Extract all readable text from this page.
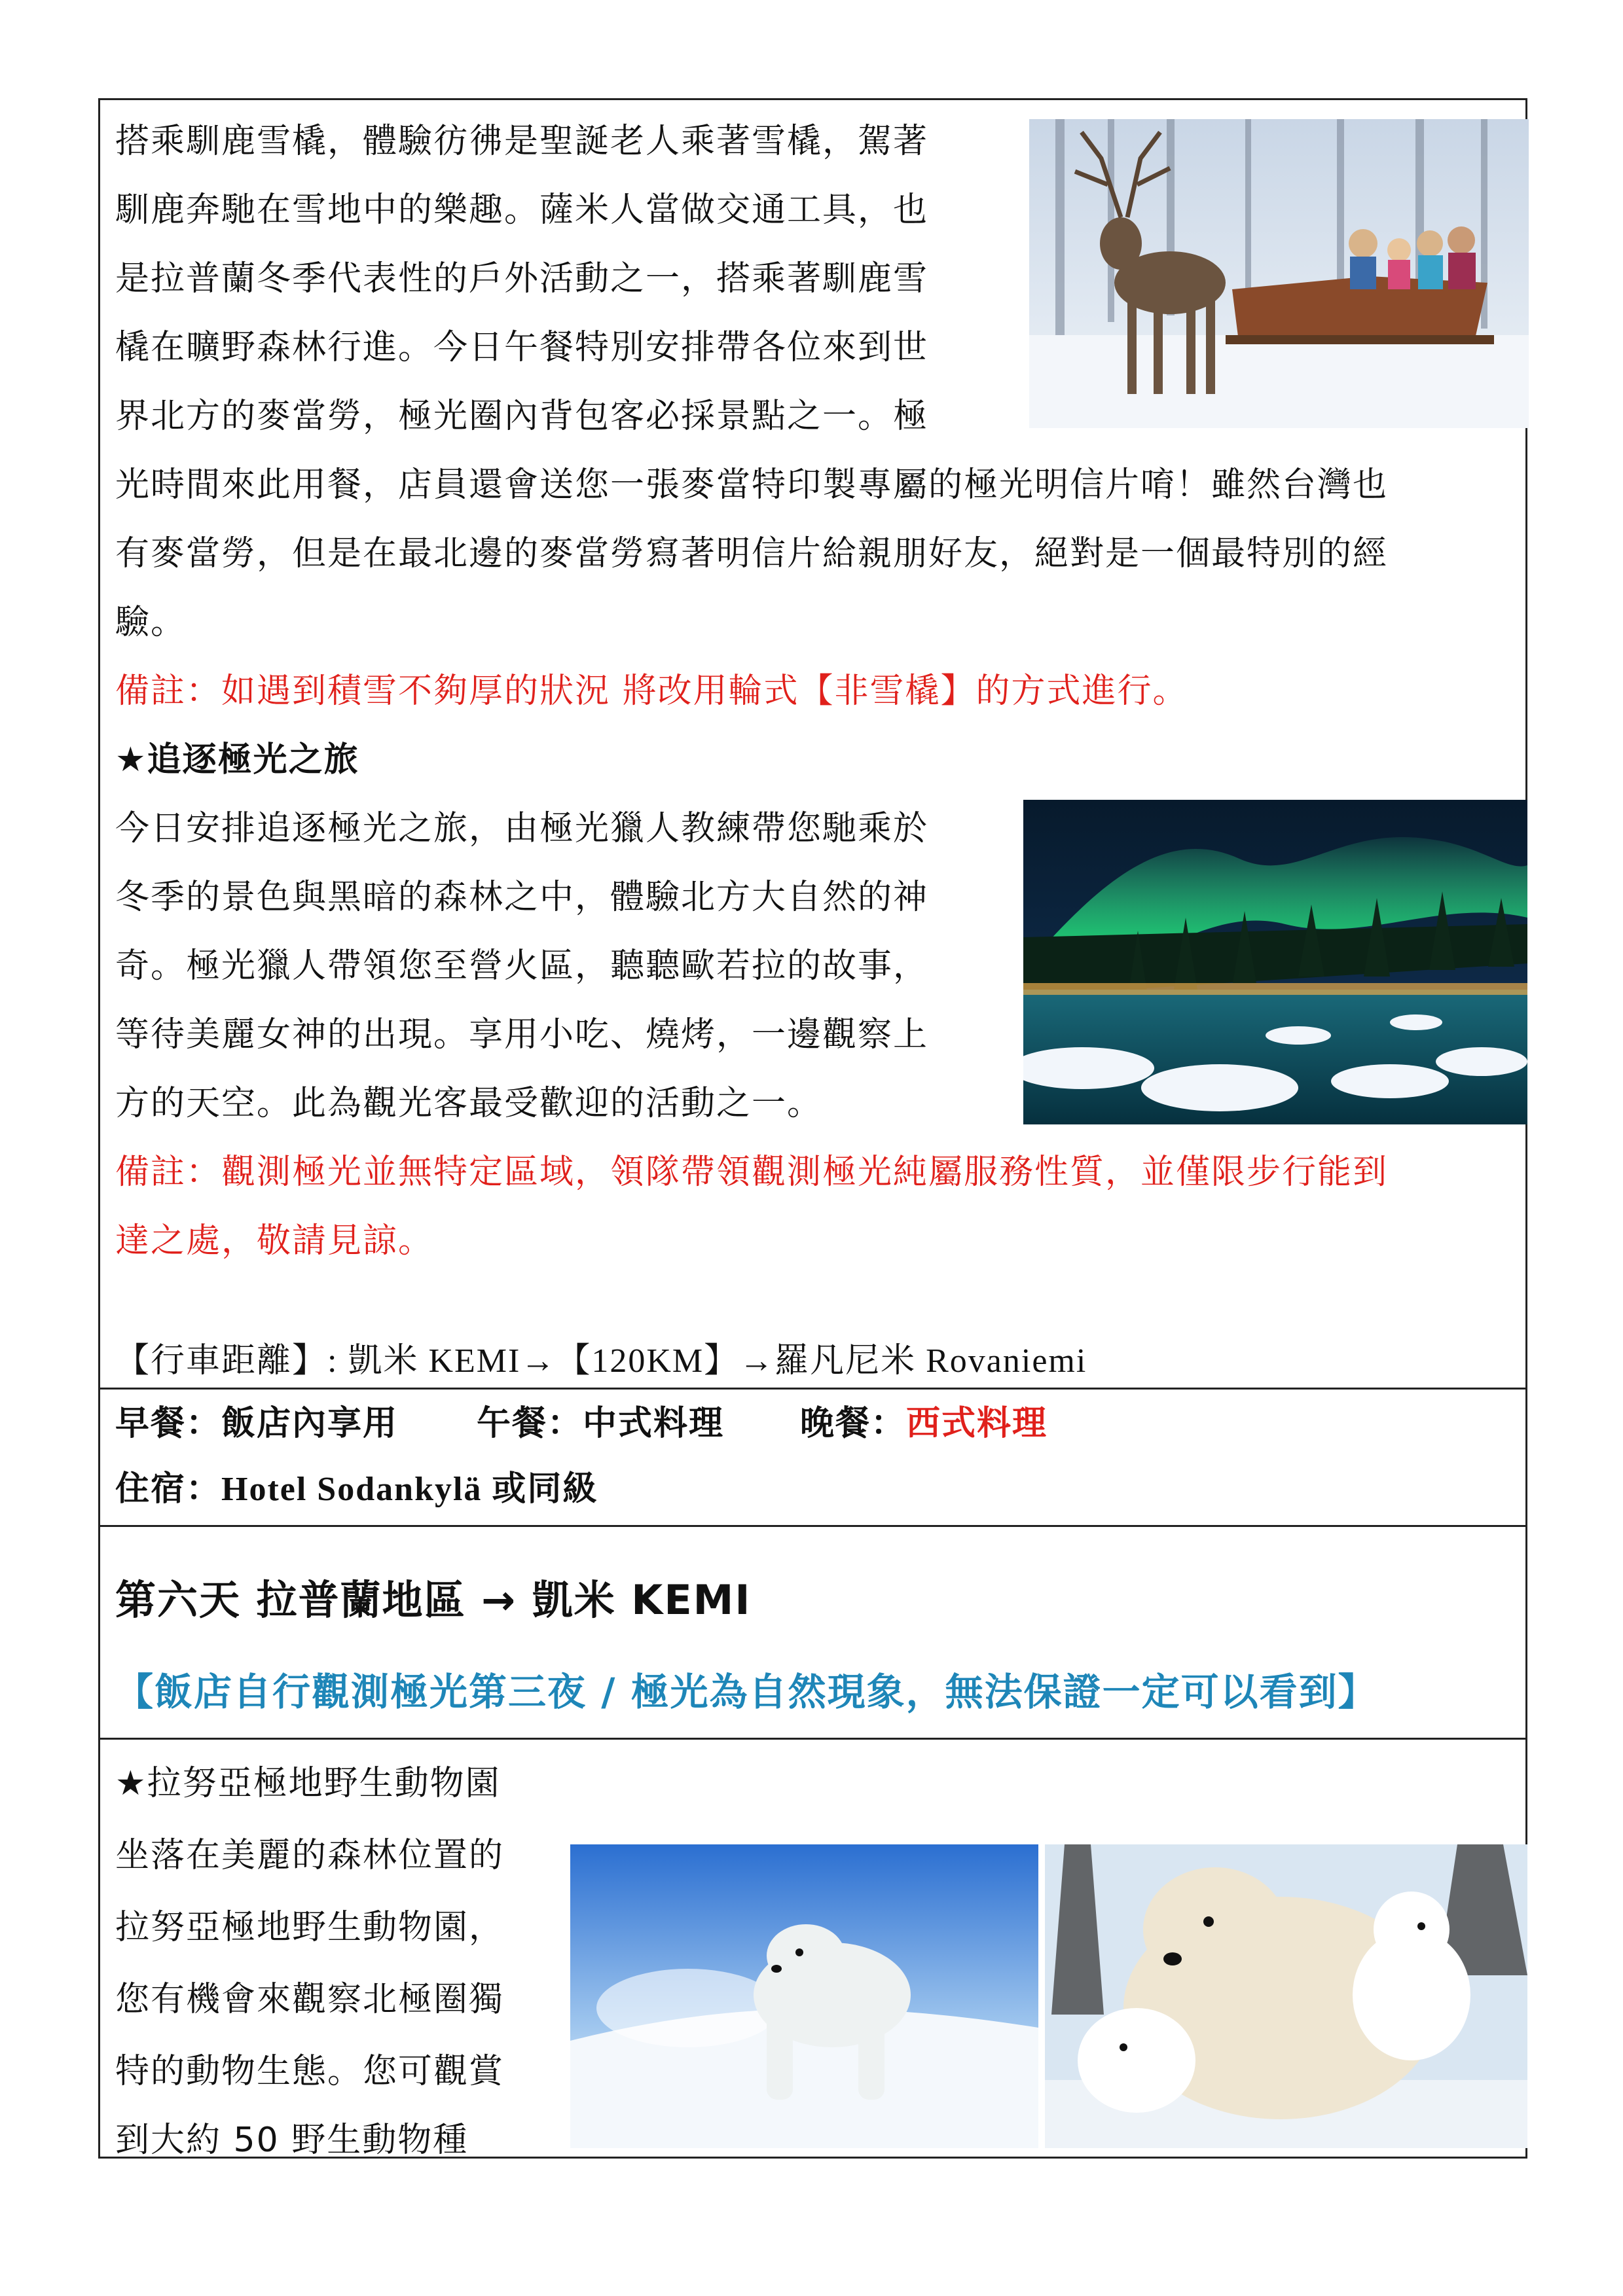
搭乘馴鹿雪橇，體驗彷彿是聖誕老人乘著雪橇，駕著
馴鹿奔馳在雪地中的樂趣。薩米人當做交通工具，也
是拉普蘭冬季代表性的戶外活動之一，搭乘著馴鹿雪
橇在曠野森林行進。今日午餐特別安排帶各位來到世
界北方的麥當勞，極光圈內背包客必採景點之一。極
光時間來此用餐，店員還會送您一張麥當特印製專屬的極光明信片唷！雖然台灣也
有麥當勞，但是在最北邊的麥當勞寫著明信片給親朋好友，絕對是一個最特別的經
驗。
備註：如遇到積雪不夠厚的狀況 將改用輪式【非雪橇】的方式進行。
★追逐極光之旅
今日安排追逐極光之旅，由極光獵人教練帶您馳乘於
冬季的景色與黑暗的森林之中，體驗北方大自然的神
奇。極光獵人帶領您至營火區，聽聽歐若拉的故事，
等待美麗女神的出現。享用小吃、燒烤，一邊觀察上
方的天空。此為觀光客最受歡迎的活動之一。
備註：觀測極光並無特定區域，領隊帶領觀測極光純屬服務性質，並僅限步行能到
達之處，敬請見諒。
【行車距離】: 凱米 KEMI→【120KM】→羅凡尼米 Rovaniemi
早餐：飯店內享用 午餐：中式料理 晚餐：西式料理
住宿：Hotel Sodankylä 或同級
第六天 拉普蘭地區 → 凱米 KEMI
【飯店自行觀測極光第三夜 / 極光為自然現象，無法保證一定可以看到】
★拉努亞極地野生動物園
坐落在美麗的森林位置的
拉努亞極地野生動物園，
您有機會來觀察北極圈獨
特的動物生態。您可觀賞
到大約 50 野生動物種
